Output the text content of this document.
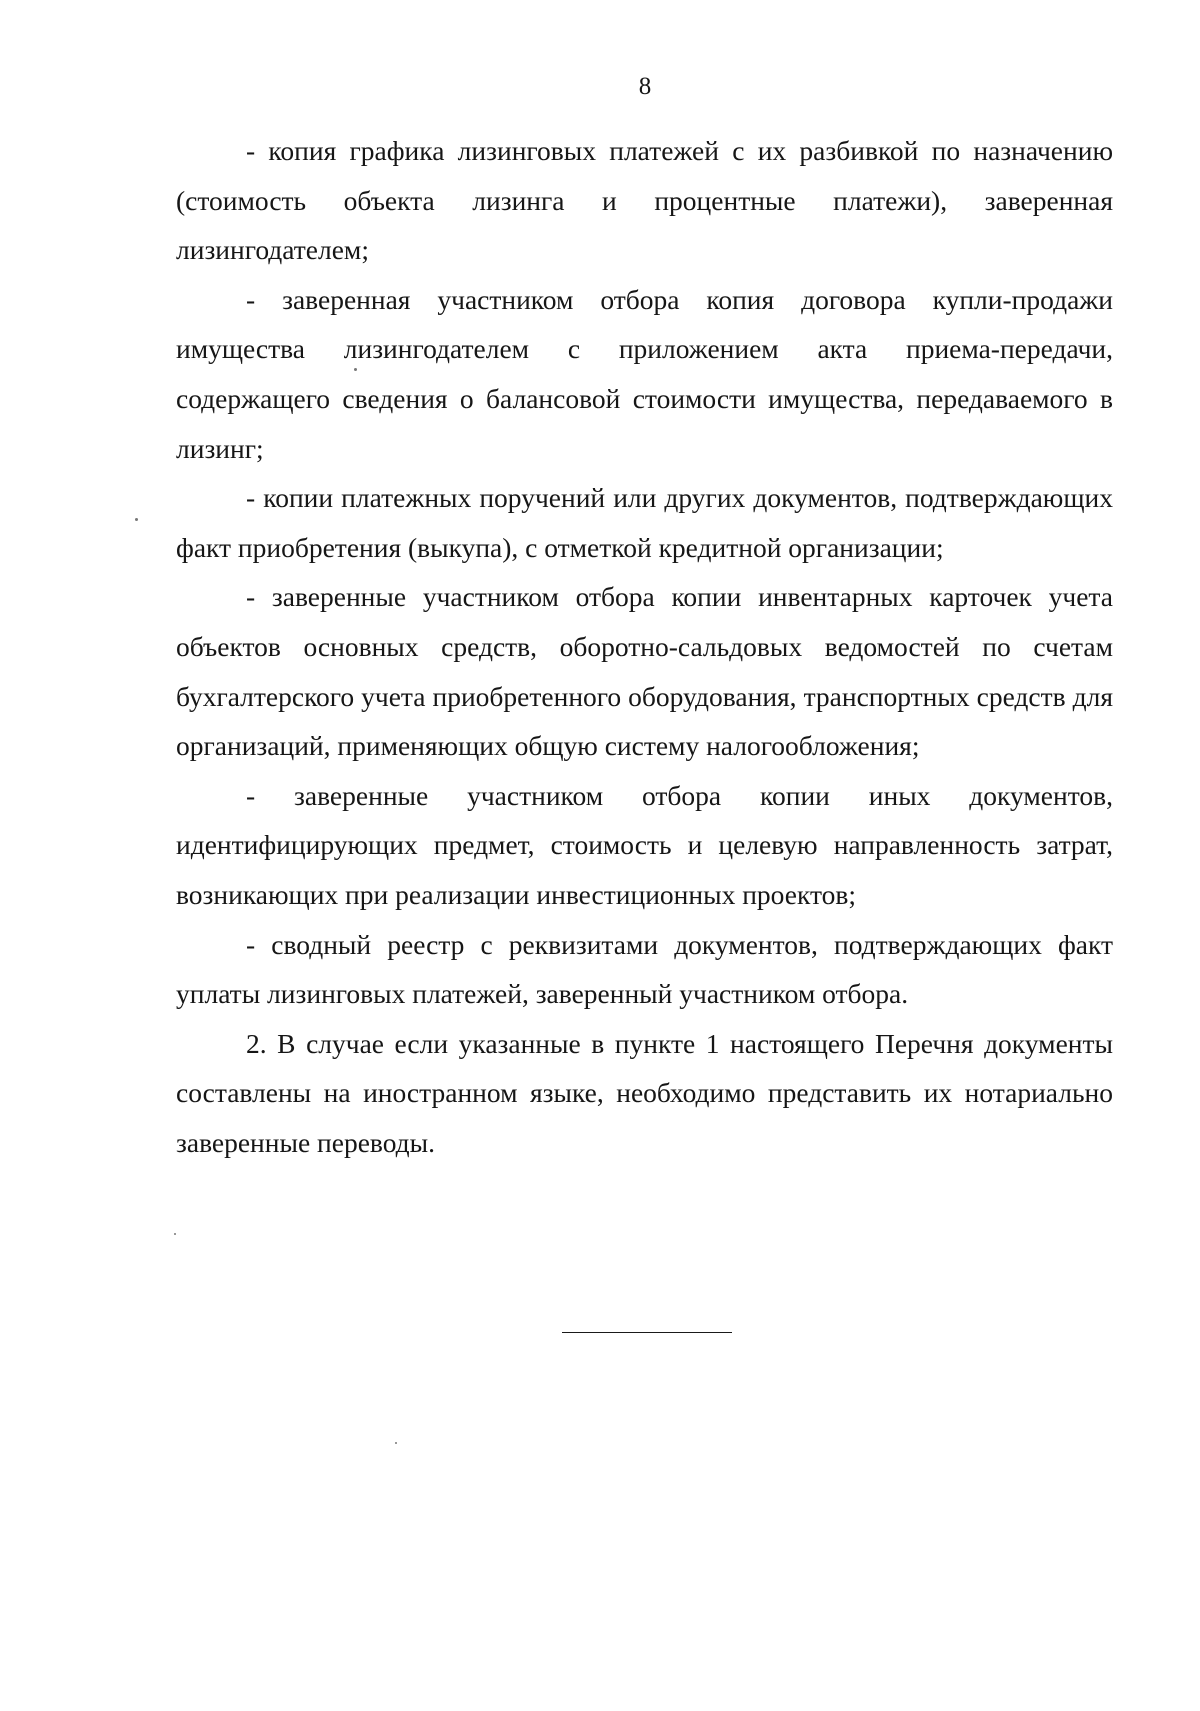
8

- копия графика лизинговых платежей с их разбивкой по назначению (стоимость объекта лизинга и процентные платежи), заверенная лизингодателем;

- заверенная участником отбора копия договора купли-продажи имущества лизингодателем с приложением акта приема-передачи, содержащего сведения о балансовой стоимости имущества, передаваемого в лизинг;

- копии платежных поручений или других документов, подтверждающих факт приобретения (выкупа), с отметкой кредитной организации;

- заверенные участником отбора копии инвентарных карточек учета объектов основных средств, оборотно-сальдовых ведомостей по счетам бухгалтерского учета приобретенного оборудования, транспортных средств для организаций, применяющих общую систему налогообложения;

- заверенные участником отбора копии иных документов, идентифицирующих предмет, стоимость и целевую направленность затрат, возникающих при реализации инвестиционных проектов;

- сводный реестр с реквизитами документов, подтверждающих факт уплаты лизинговых платежей, заверенный участником отбора.

2. В случае если указанные в пункте 1 настоящего Перечня документы составлены на иностранном языке, необходимо представить их нотариально заверенные переводы.
